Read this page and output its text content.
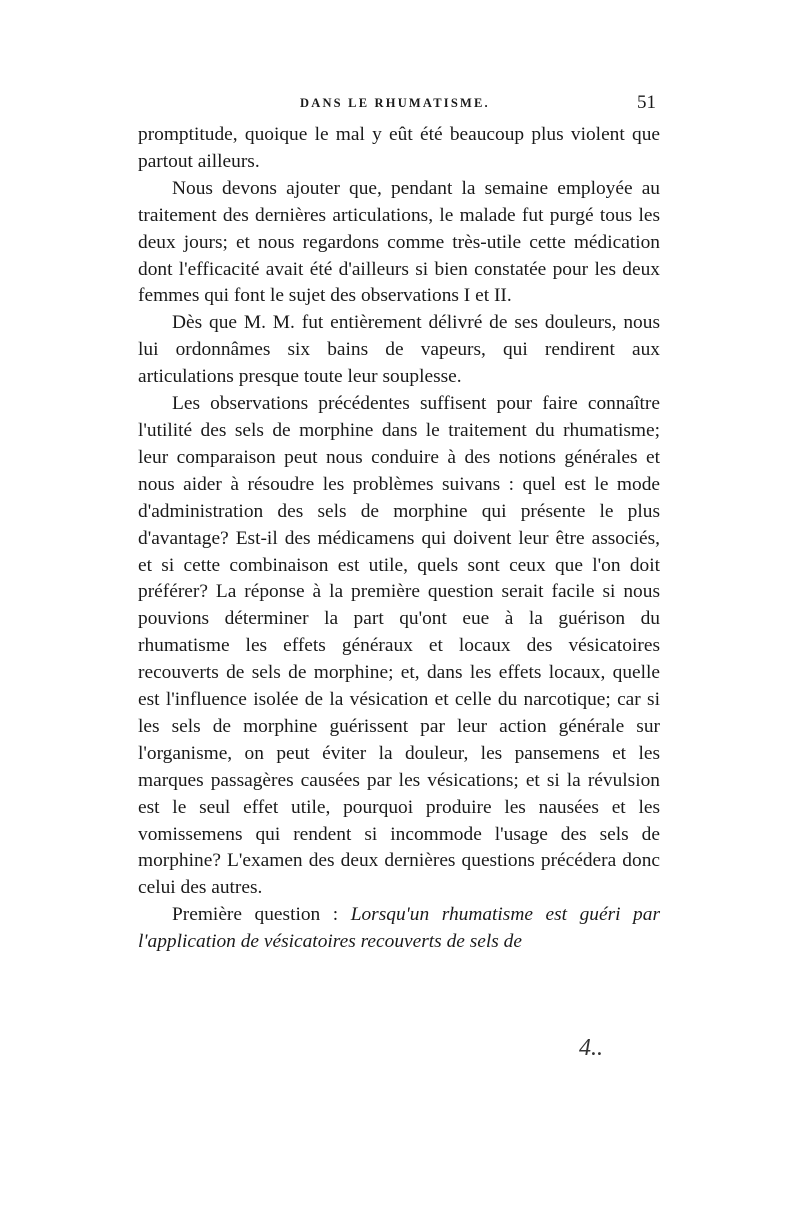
DANS LE RHUMATISME.	51

promptitude, quoique le mal y eût été beaucoup plus violent que partout ailleurs.

Nous devons ajouter que, pendant la semaine employée au traitement des dernières articulations, le malade fut purgé tous les deux jours; et nous regardons comme très-utile cette médication dont l'efficacité avait été d'ailleurs si bien constatée pour les deux femmes qui font le sujet des observations I et II.

Dès que M. M. fut entièrement délivré de ses douleurs, nous lui ordonnâmes six bains de vapeurs, qui rendirent aux articulations presque toute leur souplesse.

Les observations précédentes suffisent pour faire connaître l'utilité des sels de morphine dans le traitement du rhumatisme; leur comparaison peut nous conduire à des notions générales et nous aider à résoudre les problèmes suivans : quel est le mode d'administration des sels de morphine qui présente le plus d'avantage? Est-il des médicamens qui doivent leur être associés, et si cette combinaison est utile, quels sont ceux que l'on doit préférer? La réponse à la première question serait facile si nous pouvions déterminer la part qu'ont eue à la guérison du rhumatisme les effets généraux et locaux des vésicatoires recouverts de sels de morphine; et, dans les effets locaux, quelle est l'influence isolée de la vésication et celle du narcotique; car si les sels de morphine guérissent par leur action générale sur l'organisme, on peut éviter la douleur, les pansemens et les marques passagères causées par les vésications; et si la révulsion est le seul effet utile, pourquoi produire les nausées et les vomissemens qui rendent si incommode l'usage des sels de morphine? L'examen des deux dernières questions précédera donc celui des autres.

Première question : Lorsqu'un rhumatisme est guéri par l'application de vésicatoires recouverts de sels de

4..
